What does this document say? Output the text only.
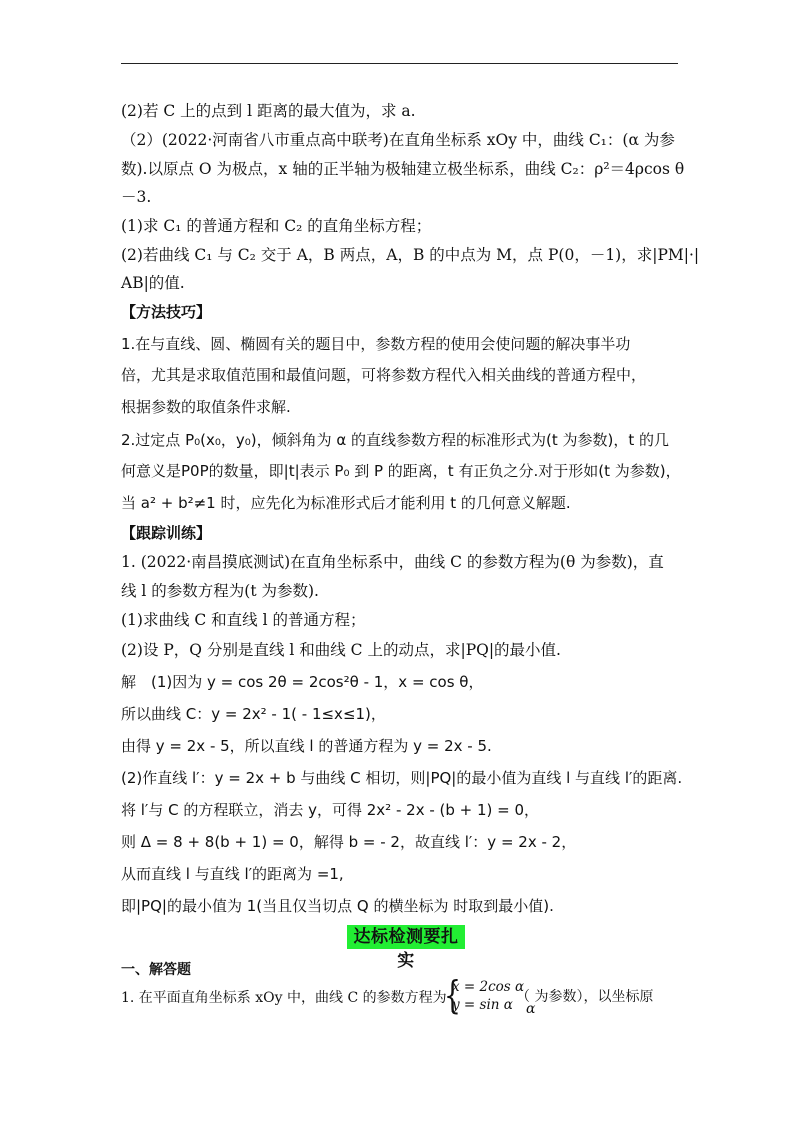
(2)若 C 上的点到 l 距离的最大值为，求 a.
（2）(2022·河南省八市重点高中联考)在直角坐标系 xOy 中，曲线 C₁：(α 为参
数).以原点 O 为极点，x 轴的正半轴为极轴建立极坐标系，曲线 C₂：ρ²＝4ρcos θ
－3.
(1)求 C₁ 的普通方程和 C₂ 的直角坐标方程；
(2)若曲线 C₁ 与 C₂ 交于 A，B 两点，A，B 的中点为 M，点 P(0，－1)，求|PM|·|
AB|的值.
【方法技巧】
1.在与直线、圆、椭圆有关的题目中，参数方程的使用会使问题的解决事半功
倍，尤其是求取值范围和最值问题，可将参数方程代入相关曲线的普通方程中，
根据参数的取值条件求解.
2.过定点 P₀(x₀，y₀)，倾斜角为 α 的直线参数方程的标准形式为(t 为参数)，t 的几
何意义是P0P的数量，即|t|表示 P₀ 到 P 的距离，t 有正负之分.对于形如(t 为参数)，
当 a² + b²≠1 时，应先化为标准形式后才能利用 t 的几何意义解题.
【跟踪训练】
1. (2022·南昌摸底测试)在直角坐标系中，曲线 C 的参数方程为(θ 为参数)，直
线 l 的参数方程为(t 为参数).
(1)求曲线 C 和直线 l 的普通方程；
(2)设 P，Q 分别是直线 l 和曲线 C 上的动点，求|PQ|的最小值.
解　(1)因为 y = cos 2θ = 2cos²θ - 1，x = cos θ，
所以曲线 C：y = 2x² - 1( - 1≤x≤1)，
由得 y = 2x - 5，所以直线 l 的普通方程为 y = 2x - 5.
(2)作直线 l′：y = 2x + b 与曲线 C 相切，则|PQ|的最小值为直线 l 与直线 l′的距离.
将 l′与 C 的方程联立，消去 y，可得 2x² - 2x - (b + 1) = 0，
则 Δ = 8 + 8(b + 1) = 0，解得 b = - 2，故直线 l′：y = 2x - 2，
从而直线 l 与直线 l′的距离为 =1,
即|PQ|的最小值为 1(当且仅当切点 Q 的横坐标为 时取到最小值).
达标检测要扎实
一、解答题
1. 在平面直角坐标系 xOy 中，曲线 C 的参数方程为
{
x = 2cos α
y = sin α （ 为参数），以坐标原
α
